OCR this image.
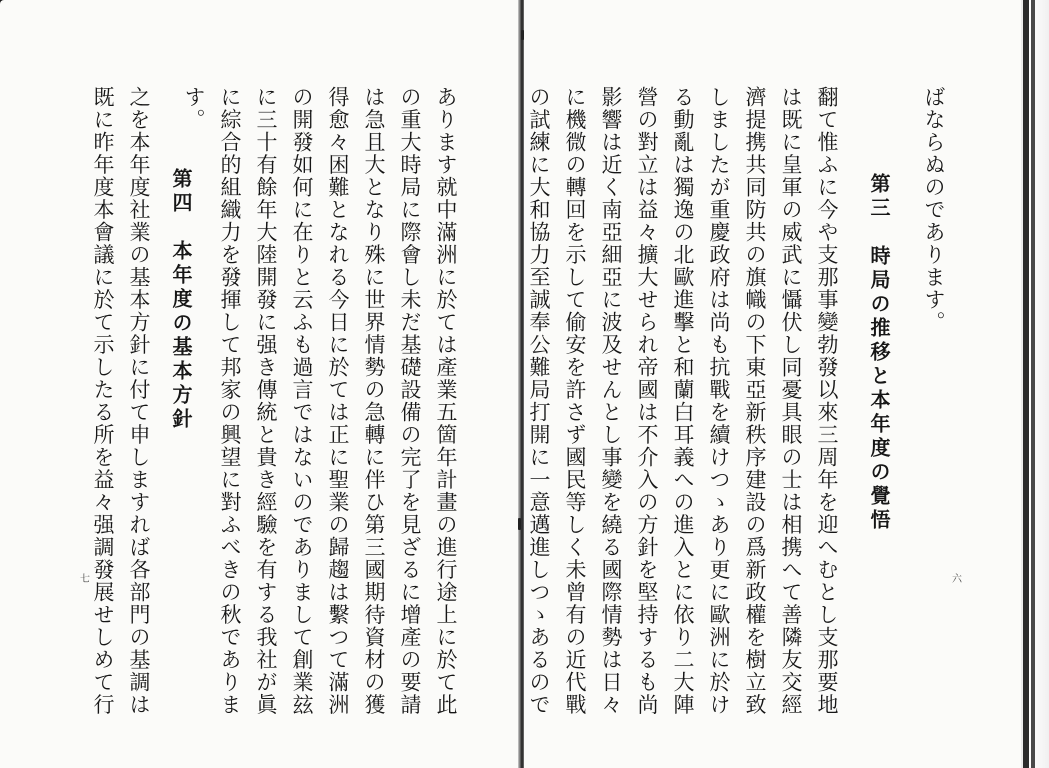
ばならぬのであります。
第三　時局の推移と本年度の覺悟
翻て惟ふに今や支那事變勃發以來三周年を迎へむとし支那要地
は既に皇軍の威武に懾伏し同憂具眼の士は相携へて善隣友交經
濟提携共同防共の旗幟の下東亞新秩序建設の爲新政權を樹立致
しましたが重慶政府は尚も抗戰を續けつゝあり更に歐洲に於け
る動亂は獨逸の北歐進擊と和蘭白耳義への進入とに依り二大陣
營の對立は益々擴大せられ帝國は不介入の方針を堅持するも尚
影響は近く南亞細亞に波及せんとし事變を繞る國際情勢は日々
に機微の轉回を示して偷安を許さず國民等しく未曾有の近代戰
の試練に大和協力至誠奉公難局打開に一意邁進しつゝあるので	六
あります就中滿洲に於ては產業五箇年計畫の進行途上に於て此
の重大時局に際會し未だ基礎設備の完了を見ざるに增產の要請
は急且大となり殊に世界情勢の急轉に伴ひ第三國期待資材の獲
得愈々困難となれる今日に於ては正に聖業の歸趨は繫つて滿洲
の開發如何に在りと云ふも過言ではないのでありまして創業玆
に三十有餘年大陸開發に强き傳統と貴き經驗を有する我社が眞
に綜合的組織力を發揮して邦家の興望に對ふべきの秋でありま
す。
第四　本年度の基本方針
之を本年度社業の基本方針に付て申しますれば各部門の基調は
既に昨年度本會議に於て示したる所を益々强調發展せしめて行
七
